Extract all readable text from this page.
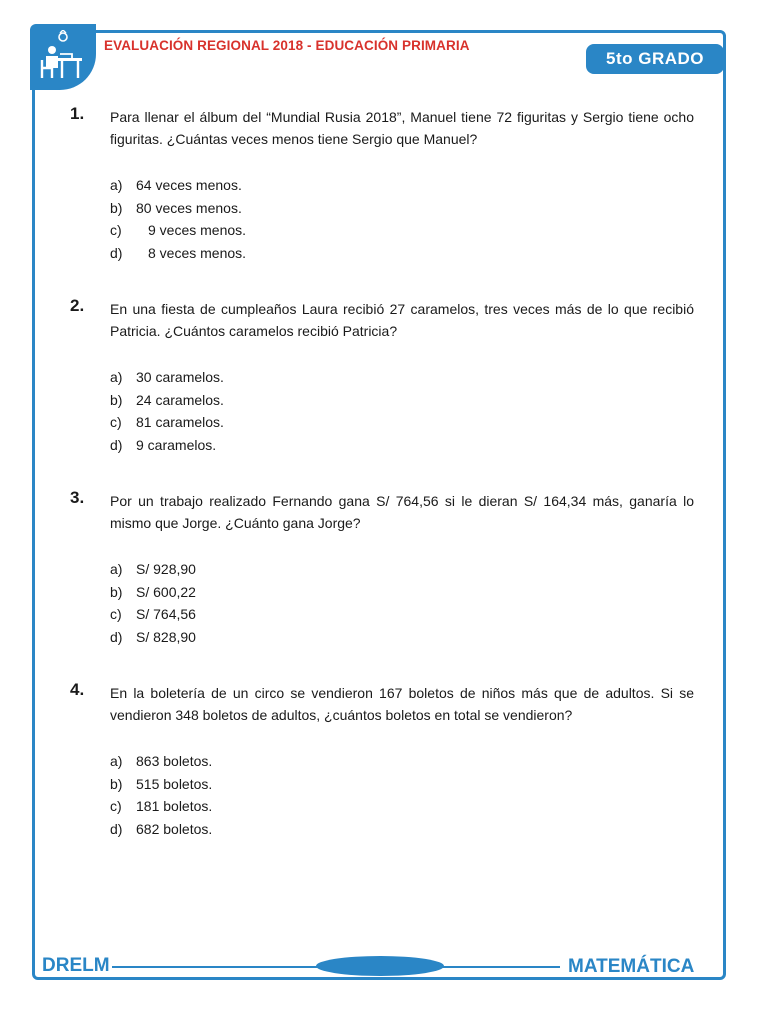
EVALUACIÓN REGIONAL 2018 - EDUCACIÓN PRIMARIA
5to GRADO
1. Para llenar el álbum del “Mundial Rusia 2018”, Manuel tiene 72 figuritas y Sergio tiene ocho figuritas. ¿Cuántas veces menos tiene Sergio que Manuel?
a) 64 veces menos.
b) 80 veces menos.
c)	9 veces menos.
d)	8 veces menos.
2. En una fiesta de cumpleaños Laura recibió 27 caramelos, tres veces más de lo que recibió Patricia. ¿Cuántos caramelos recibió Patricia?
a) 30 caramelos.
b) 24 caramelos.
c)	81 caramelos.
d) 9 caramelos.
3. Por un trabajo realizado Fernando gana S/ 764,56 si le dieran S/ 164,34 más, ganaría lo mismo que Jorge. ¿Cuánto gana Jorge?
a) S/ 928,90
b) S/ 600,22
c)	S/ 764,56
d) S/ 828,90
4. En la boletería de un circo se vendieron 167 boletos de niños más que de adultos. Si se vendieron 348 boletos de adultos, ¿cuántos boletos en total se vendieron?
a) 863 boletos.
b) 515 boletos.
c)	181 boletos.
d) 682 boletos.
DRELM	MATEMÁTICA
